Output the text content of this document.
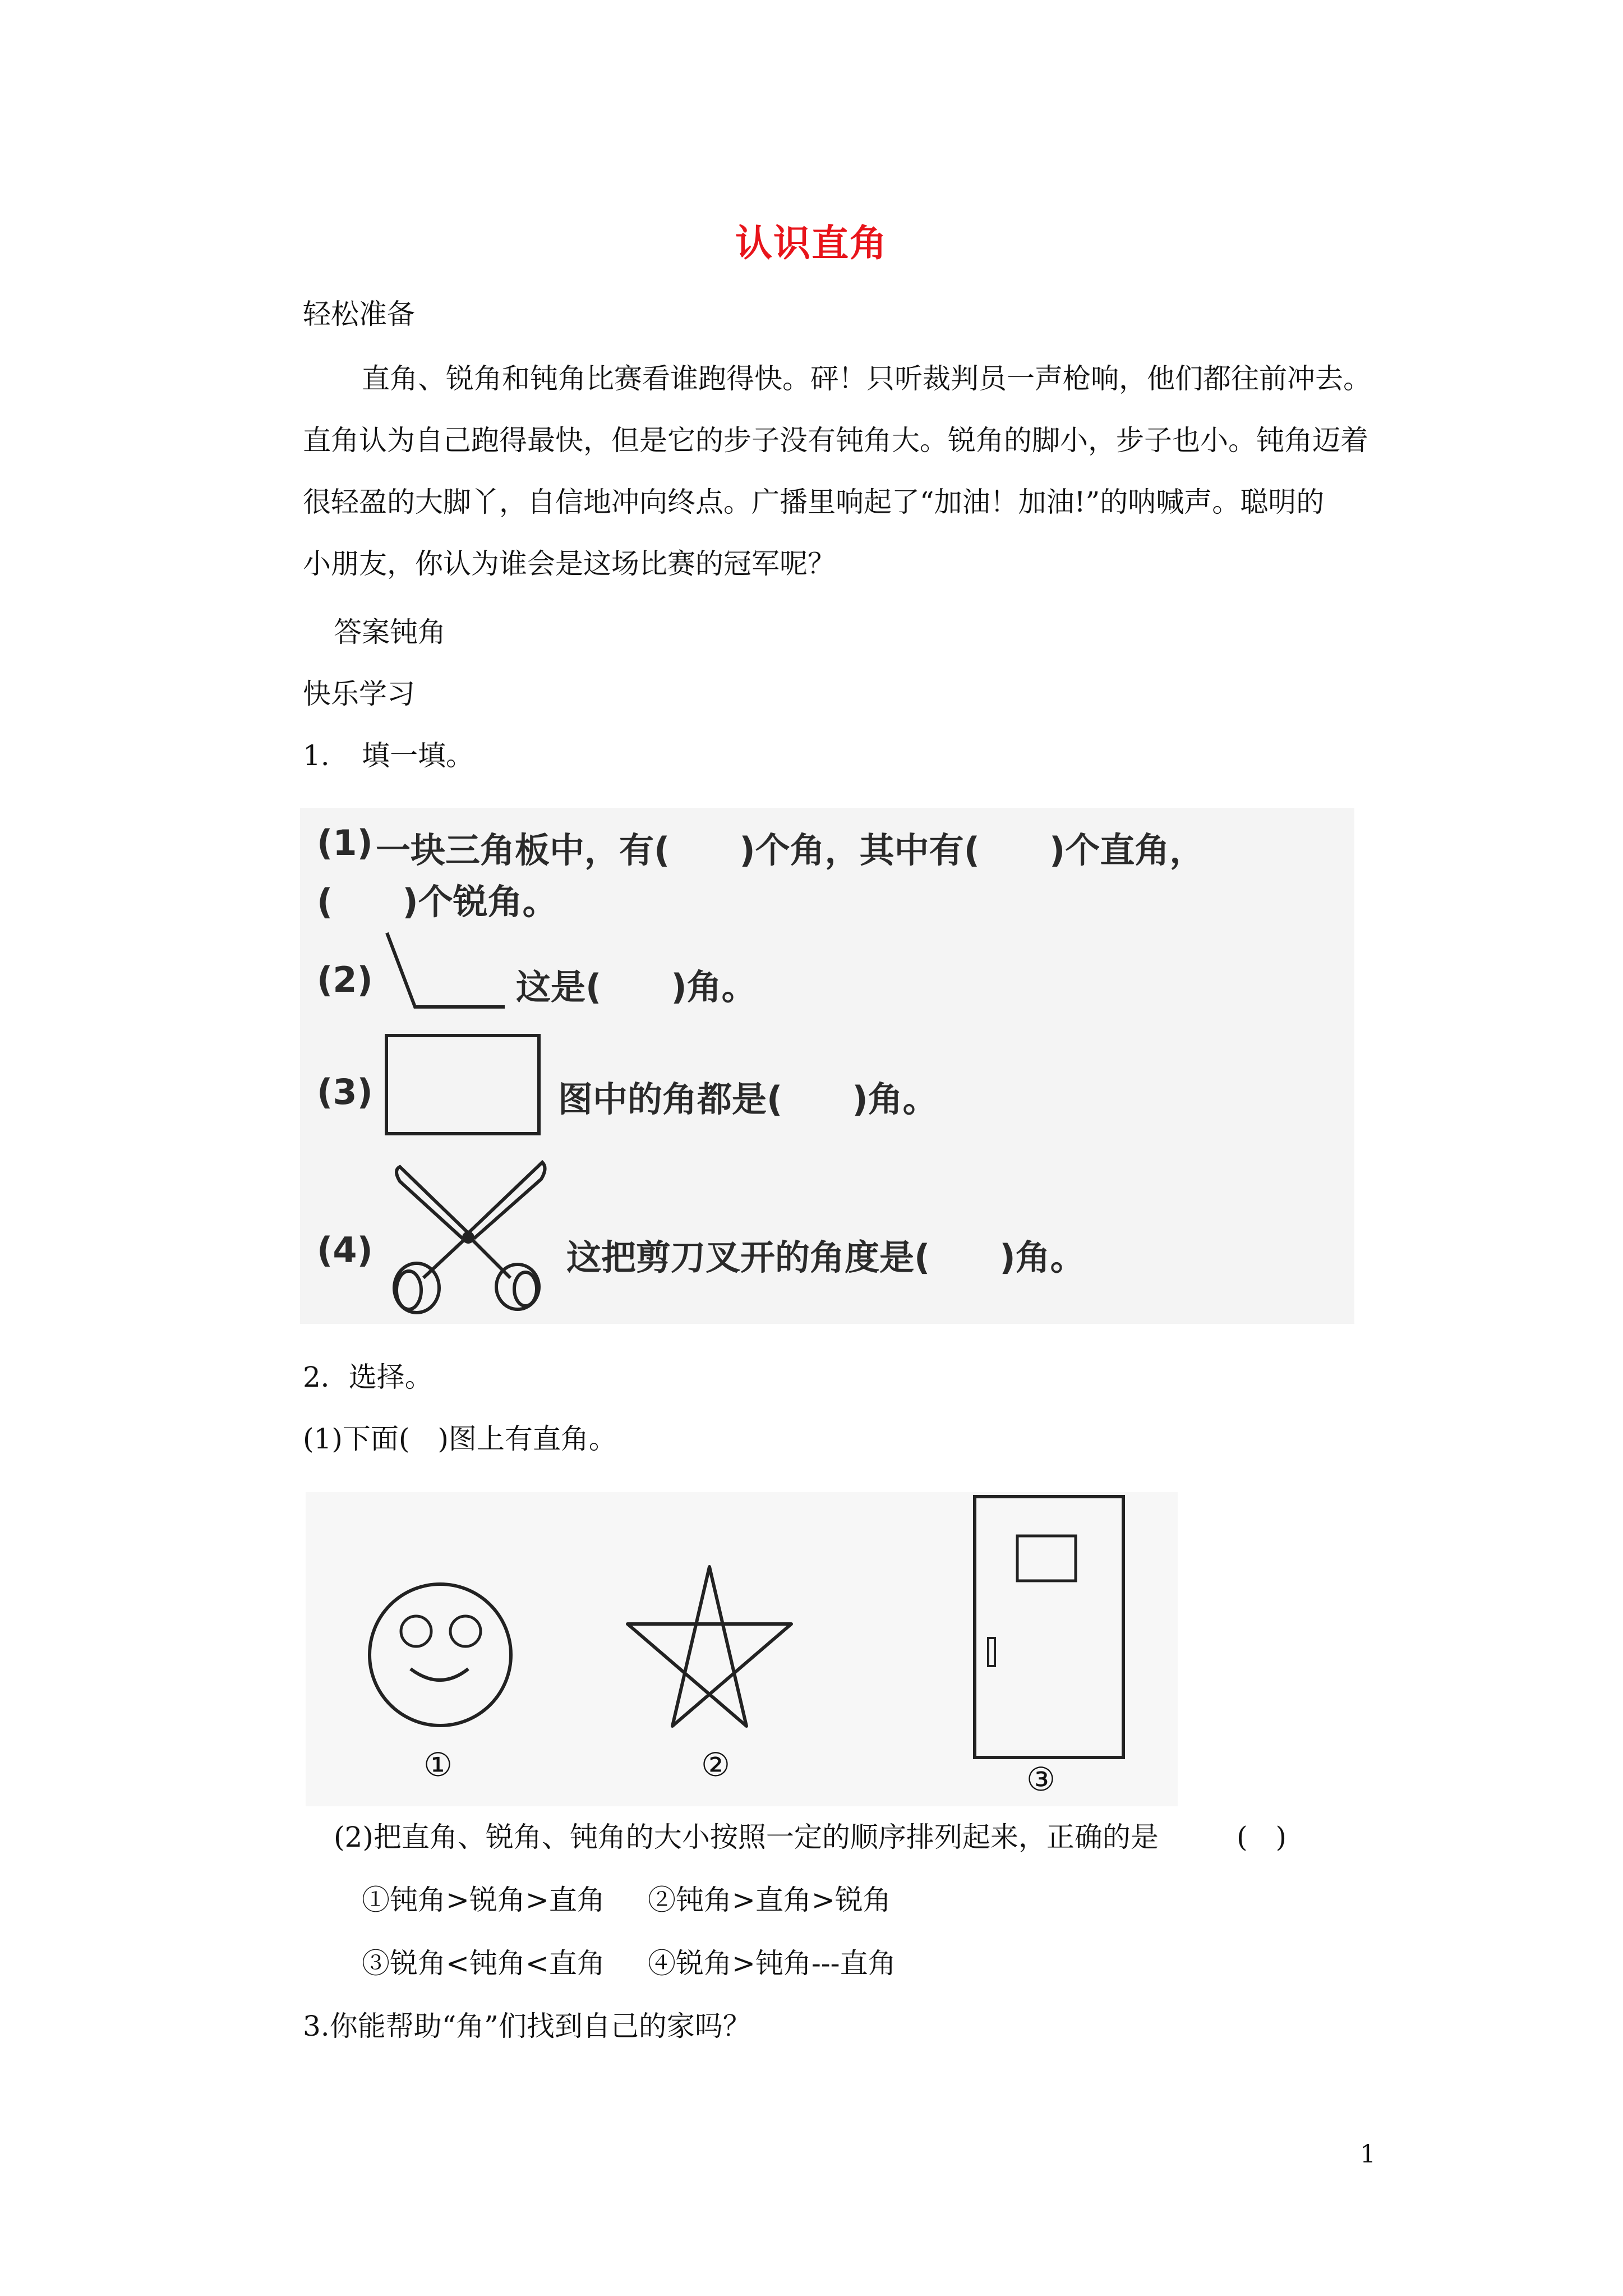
认识直角
轻松准备
直角、锐角和钝角比赛看谁跑得快。砰！只听裁判员一声枪响，他们都往前冲去。
直角认为自己跑得最快，但是它的步子没有钝角大。锐角的脚小，步子也小。钝角迈着
很轻盈的大脚丫，自信地冲向终点。广播里响起了“加油！加油!”的呐喊声。聪明的
小朋友，你认为谁会是这场比赛的冠军呢？
答案钝角
快乐学习
1. 填一填。
(1) 一块三角板中，有(　　)个角，其中有(　　)个直角，
(　　)个锐角。
(2)	这是(　　)角。
(3)	图中的角都是(　　)角。
(4)	这把剪刀叉开的角度是(　　)角。
2．选择。
(1)下面(　)图上有直角。
①	②	③
(2)把直角、锐角、钝角的大小按照一定的顺序排列起来，正确的是	(　)
①钝角>锐角>直角 ②钝角>直角>锐角
③锐角<钝角<直角 ④锐角>钝角---直角
3.你能帮助“角”们找到自己的家吗？
1
